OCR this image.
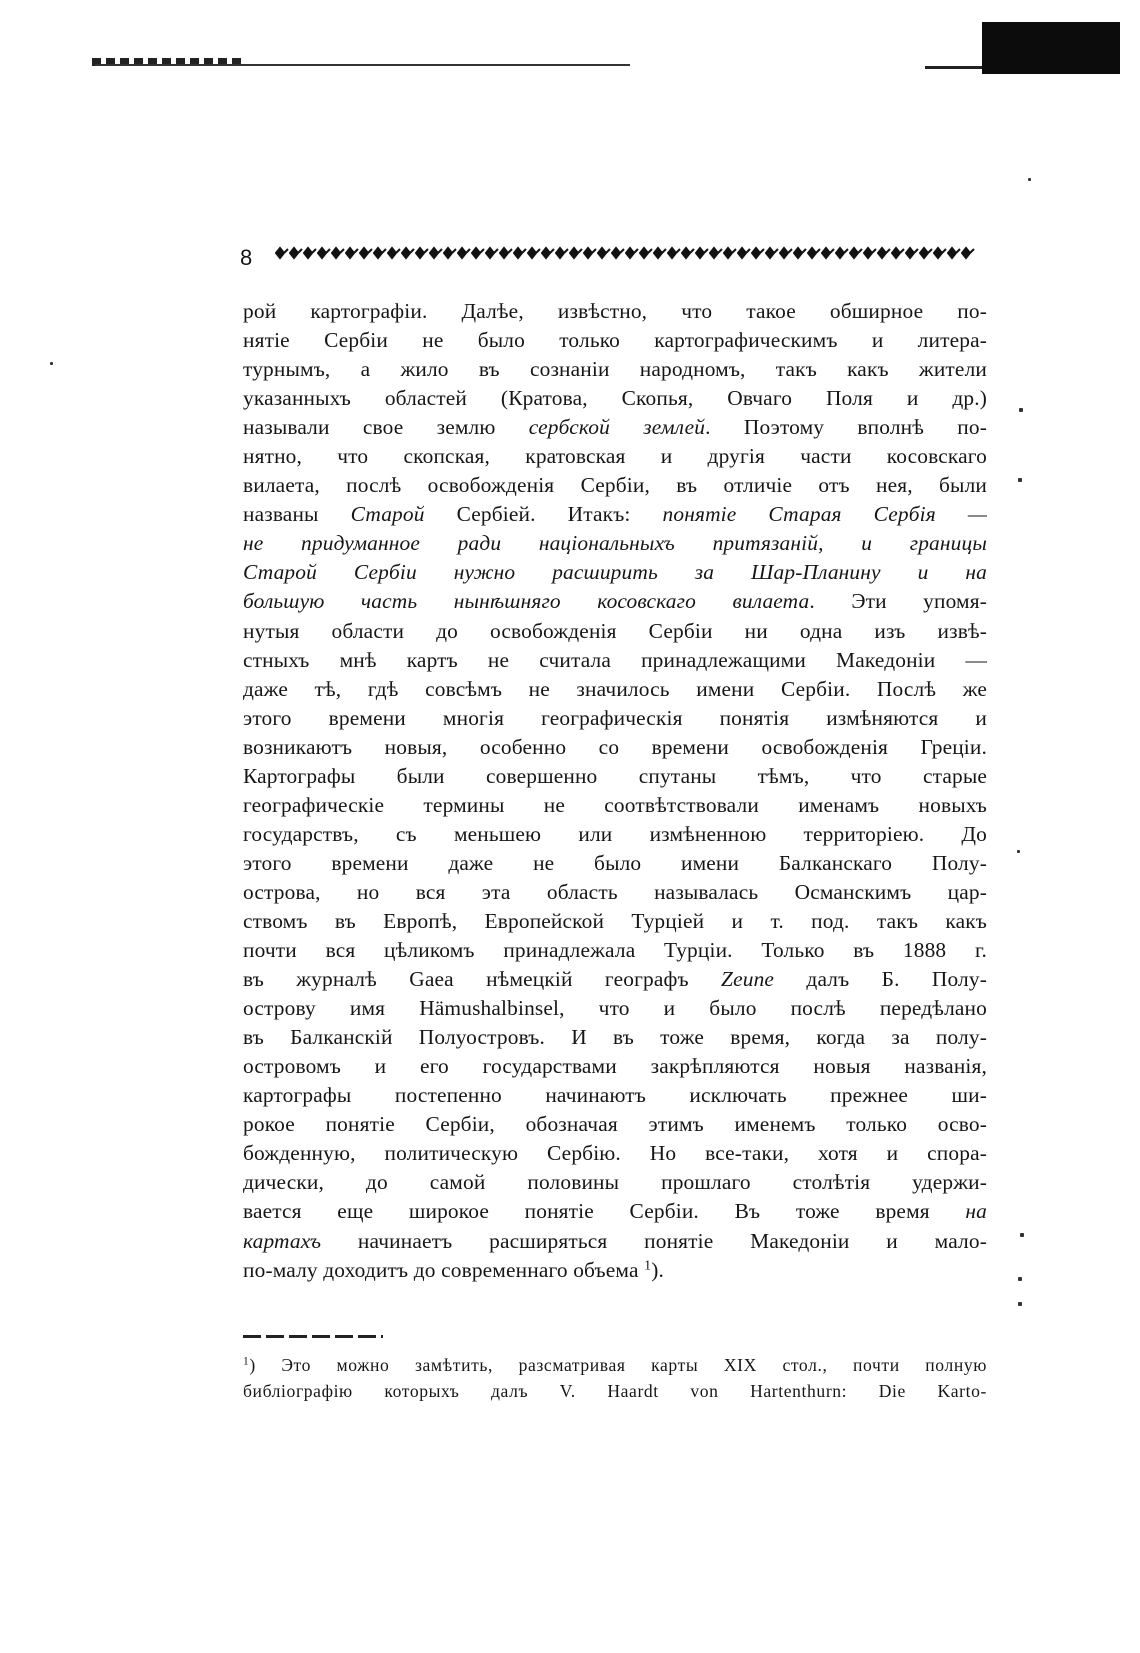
8
рой картографіи. Далѣе, извѣстно, что такое обширное по-
нятіе Сербіи не было только картографическимъ и литера-
турнымъ, а жило въ сознаніи народномъ, такъ какъ жители
указанныхъ областей (Кратова, Скопья, Овчаго Поля и др.)
называли свое землю сербской землей. Поэтому вполнѣ по-
нятно, что скопская, кратовская и другія части косовскаго
вилаета, послѣ освобожденія Сербіи, въ отличіе отъ нея, были
названы Старой Сербіей. Итакъ: понятіе Старая Сербія —
не придуманное ради національныхъ притязаній, и границы
Старой Сербіи нужно расширить за Шар-Планину и на
большую часть нынѣшняго косовскаго вилаета. Эти упомя-
нутыя области до освобожденія Сербіи ни одна изъ извѣ-
стныхъ мнѣ картъ не считала принадлежащими Македоніи —
даже тѣ, гдѣ совсѣмъ не значилось имени Сербіи. Послѣ же
этого времени многія географическія понятія измѣняются и
возникаютъ новыя, особенно со времени освобожденія Греціи.
Картографы были совершенно спутаны тѣмъ, что старые
географическіе термины не соотвѣтствовали именамъ новыхъ
государствъ, съ меньшею или измѣненною территоріею. До
этого времени даже не было имени Балканскаго Полу-
острова, но вся эта область называлась Османскимъ цар-
ствомъ въ Европѣ, Европейской Турціей и т. под. такъ какъ
почти вся цѣликомъ принадлежала Турціи. Только въ 1888 г.
въ журналѣ Gaea нѣмецкій географъ Zeune далъ Б. Полу-
острову имя Hämushalbinsel, что и было послѣ передѣлано
въ Балканскій Полуостровъ. И въ тоже время, когда за полу-
островомъ и его государствами закрѣпляются новыя названія,
картографы постепенно начинаютъ исключать прежнее ши-
рокое понятіе Сербіи, обозначая этимъ именемъ только осво-
божденную, политическую Сербію. Но все-таки, хотя и спора-
дически, до самой половины прошлаго столѣтія удержи-
вается еще широкое понятіе Сербіи. Въ тоже время на
картахъ начинаетъ расширяться понятіе Македоніи и мало-
по-малу доходитъ до современнаго объема $^1$).
$^1$) Это можно замѣтить, разсматривая карты XIX стол., почти полную
библіографію которыхъ далъ V. Haardt von Hartenthurn: Die Karto-
